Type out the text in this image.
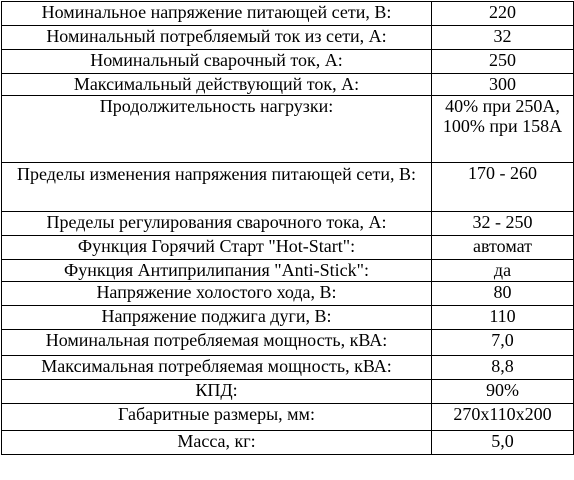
Номинальное напряжение питающей сети, В:	220
Номинальный потребляемый ток из сети, А:	32
Номинальный сварочный ток, А:	250
Максимальный действующий ток, А:	300
Продолжительность нагрузки:	40% при 250А, 100% при 158А
Пределы изменения напряжения питающей сети, В:	170 - 260
Пределы регулирования сварочного тока, А:	32 - 250
Функция Горячий Старт "Hot-Start":	автомат
Функция Антиприлипания "Anti-Stick":	да
Напряжение холостого хода, В:	80
Напряжение поджига дуги, В:	110
Номинальная потребляемая мощность, кВА:	7,0
Максимальная потребляемая мощность, кВА:	8,8
КПД:	90%
Габаритные размеры, мм:	270x110x200
Масса, кг:	5,0
